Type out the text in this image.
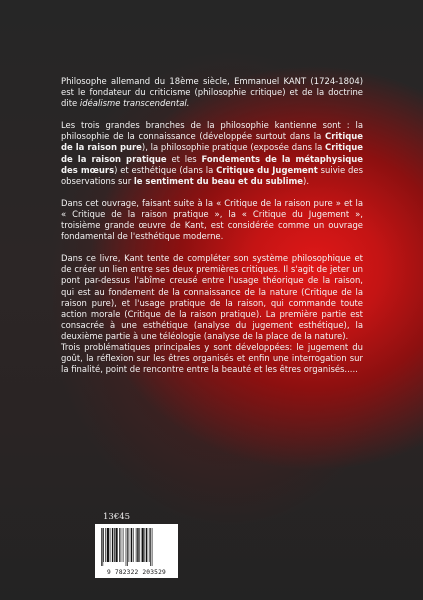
Philosophe allemand du 18ème siècle, Emmanuel KANT (1724-1804) est le fondateur du criticisme (philosophie critique) et de la doctrine dite idéalisme transcendental.

Les trois grandes branches de la philosophie kantienne sont : la philosophie de la connaissance (développée surtout dans la Critique de la raison pure), la philosophie pratique (exposée dans la Critique de la raison pratique et les Fondements de la métaphysique des mœurs) et esthétique (dans la Critique du Jugement suivie des observations sur le sentiment du beau et du sublime).

Dans cet ouvrage, faisant suite à la « Critique de la raison pure » et la « Critique de la raison pratique », la « Critique du Jugement », troisième grande œuvre de Kant, est considérée comme un ouvrage fondamental de l'esthétique moderne.

Dans ce livre, Kant tente de compléter son système philosophique et de créer un lien entre ses deux premières critiques. Il s'agit de jeter un pont par-dessus l'abîme creusé entre l'usage théorique de la raison, qui est au fondement de la connaissance de la nature (Critique de la raison pure), et l'usage pratique de la raison, qui commande toute action morale (Critique de la raison pratique). La première partie est consacrée à une esthétique (analyse du jugement esthétique), la deuxième partie à une téléologie (analyse de la place de la nature).

Trois problématiques principales y sont développées: le jugement du goût, la réflexion sur les êtres organisés et enfin une interrogation sur la finalité, point de rencontre entre la beauté et les êtres organisés.....

13€45
9 782322 203529
